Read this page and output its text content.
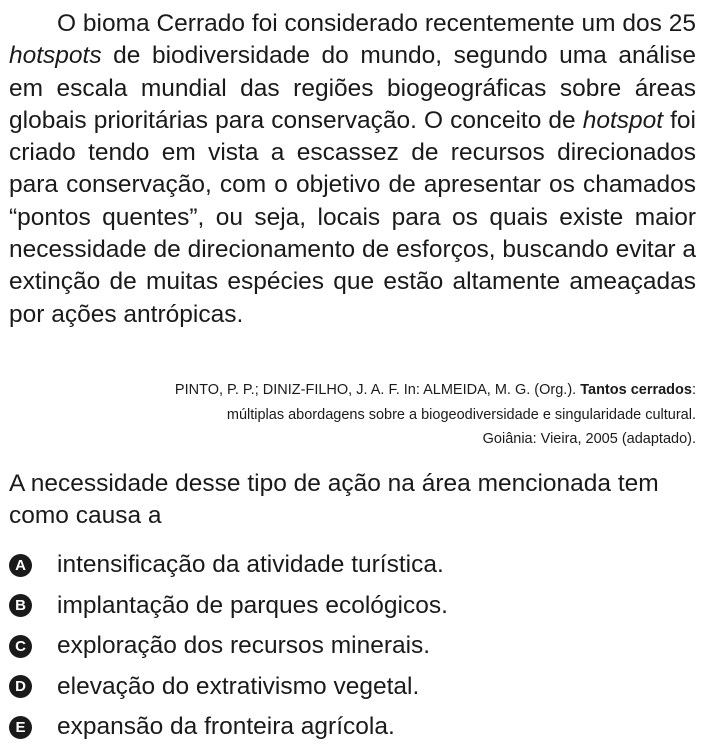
O bioma Cerrado foi considerado recentemente um dos 25 hotspots de biodiversidade do mundo, segundo uma análise em escala mundial das regiões biogeográficas sobre áreas globais prioritárias para conservação. O conceito de hotspot foi criado tendo em vista a escassez de recursos direcionados para conservação, com o objetivo de apresentar os chamados “pontos quentes”, ou seja, locais para os quais existe maior necessidade de direcionamento de esforços, buscando evitar a extinção de muitas espécies que estão altamente ameaçadas por ações antrópicas.

PINTO, P. P.; DINIZ-FILHO, J. A. F. In: ALMEIDA, M. G. (Org.). Tantos cerrados:
múltiplas abordagens sobre a biogeodiversidade e singularidade cultural.
Goiânia: Vieira, 2005 (adaptado).

A necessidade desse tipo de ação na área mencionada tem como causa a

A intensificação da atividade turística.
B implantação de parques ecológicos.
C exploração dos recursos minerais.
D elevação do extrativismo vegetal.
E expansão da fronteira agrícola.
